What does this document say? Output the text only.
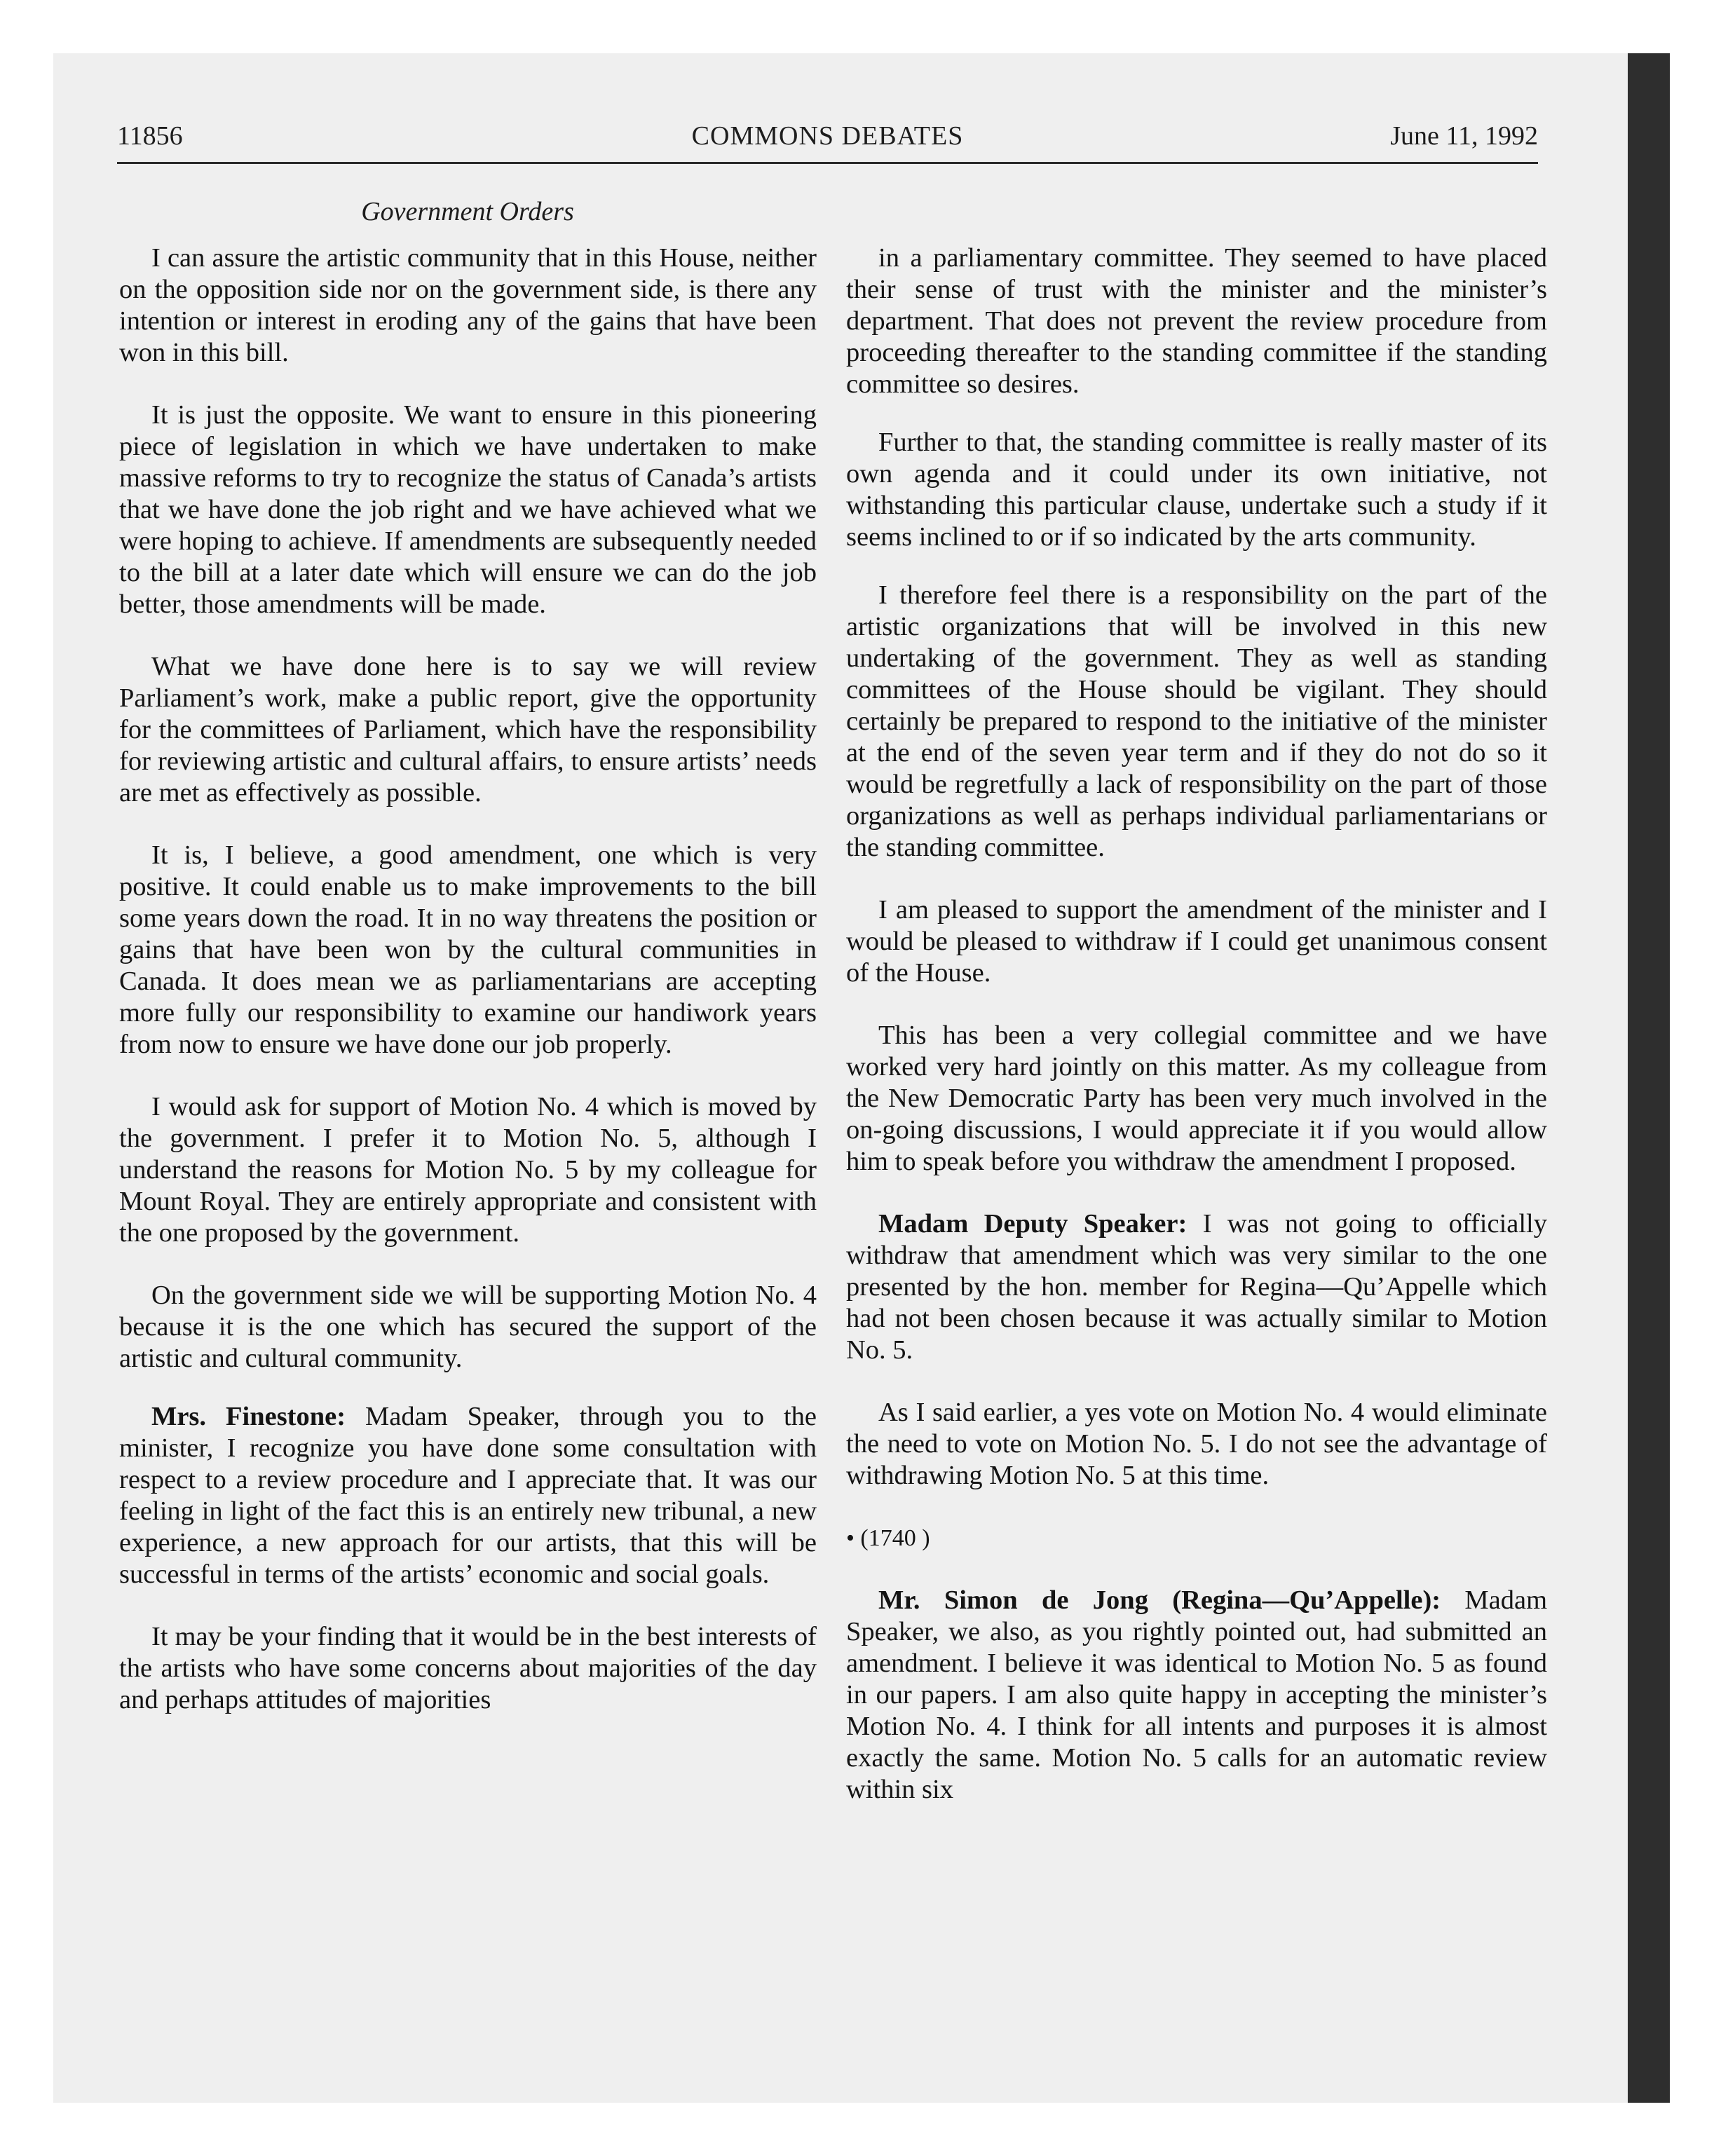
11856	COMMONS DEBATES	June 11, 1992
Government Orders

I can assure the artistic community that in this House, neither on the opposition side nor on the government side, is there any intention or interest in eroding any of the gains that have been won in this bill.

It is just the opposite. We want to ensure in this pioneering piece of legislation in which we have undertaken to make massive reforms to try to recognize the status of Canada’s artists that we have done the job right and we have achieved what we were hoping to achieve. If amendments are subsequently needed to the bill at a later date which will ensure we can do the job better, those amendments will be made.

What we have done here is to say we will review Parliament’s work, make a public report, give the opportunity for the committees of Parliament, which have the responsibility for reviewing artistic and cultural affairs, to ensure artists’ needs are met as effectively as possible.

It is, I believe, a good amendment, one which is very positive. It could enable us to make improvements to the bill some years down the road. It in no way threatens the position or gains that have been won by the cultural communities in Canada. It does mean we as parliamentarians are accepting more fully our responsibility to examine our handiwork years from now to ensure we have done our job properly.

I would ask for support of Motion No. 4 which is moved by the government. I prefer it to Motion No. 5, although I understand the reasons for Motion No. 5 by my colleague for Mount Royal. They are entirely appropriate and consistent with the one proposed by the government.

On the government side we will be supporting Motion No. 4 because it is the one which has secured the support of the artistic and cultural community.

Mrs. Finestone: Madam Speaker, through you to the minister, I recognize you have done some consultation with respect to a review procedure and I appreciate that. It was our feeling in light of the fact this is an entirely new tribunal, a new experience, a new approach for our artists, that this will be successful in terms of the artists’ economic and social goals.

It may be your finding that it would be in the best interests of the artists who have some concerns about majorities of the day and perhaps attitudes of majorities

in a parliamentary committee. They seemed to have placed their sense of trust with the minister and the minister’s department. That does not prevent the review procedure from proceeding thereafter to the standing committee if the standing committee so desires.

Further to that, the standing committee is really master of its own agenda and it could under its own initiative, not withstanding this particular clause, undertake such a study if it seems inclined to or if so indicated by the arts community.

I therefore feel there is a responsibility on the part of the artistic organizations that will be involved in this new undertaking of the government. They as well as standing committees of the House should be vigilant. They should certainly be prepared to respond to the initiative of the minister at the end of the seven year term and if they do not do so it would be regretfully a lack of responsibility on the part of those organizations as well as perhaps individual parliamentarians or the standing committee.

I am pleased to support the amendment of the minister and I would be pleased to withdraw if I could get unanimous consent of the House.

This has been a very collegial committee and we have worked very hard jointly on this matter. As my colleague from the New Democratic Party has been very much involved in the on-going discussions, I would appreciate it if you would allow him to speak before you withdraw the amendment I proposed.

Madam Deputy Speaker: I was not going to officially withdraw that amendment which was very similar to the one presented by the hon. member for Regina—Qu’Appelle which had not been chosen because it was actually similar to Motion No. 5.

As I said earlier, a yes vote on Motion No. 4 would eliminate the need to vote on Motion No. 5. I do not see the advantage of withdrawing Motion No. 5 at this time.

• (1740 )

Mr. Simon de Jong (Regina—Qu’Appelle): Madam Speaker, we also, as you rightly pointed out, had submitted an amendment. I believe it was identical to Motion No. 5 as found in our papers. I am also quite happy in accepting the minister’s Motion No. 4. I think for all intents and purposes it is almost exactly the same. Motion No. 5 calls for an automatic review within six
